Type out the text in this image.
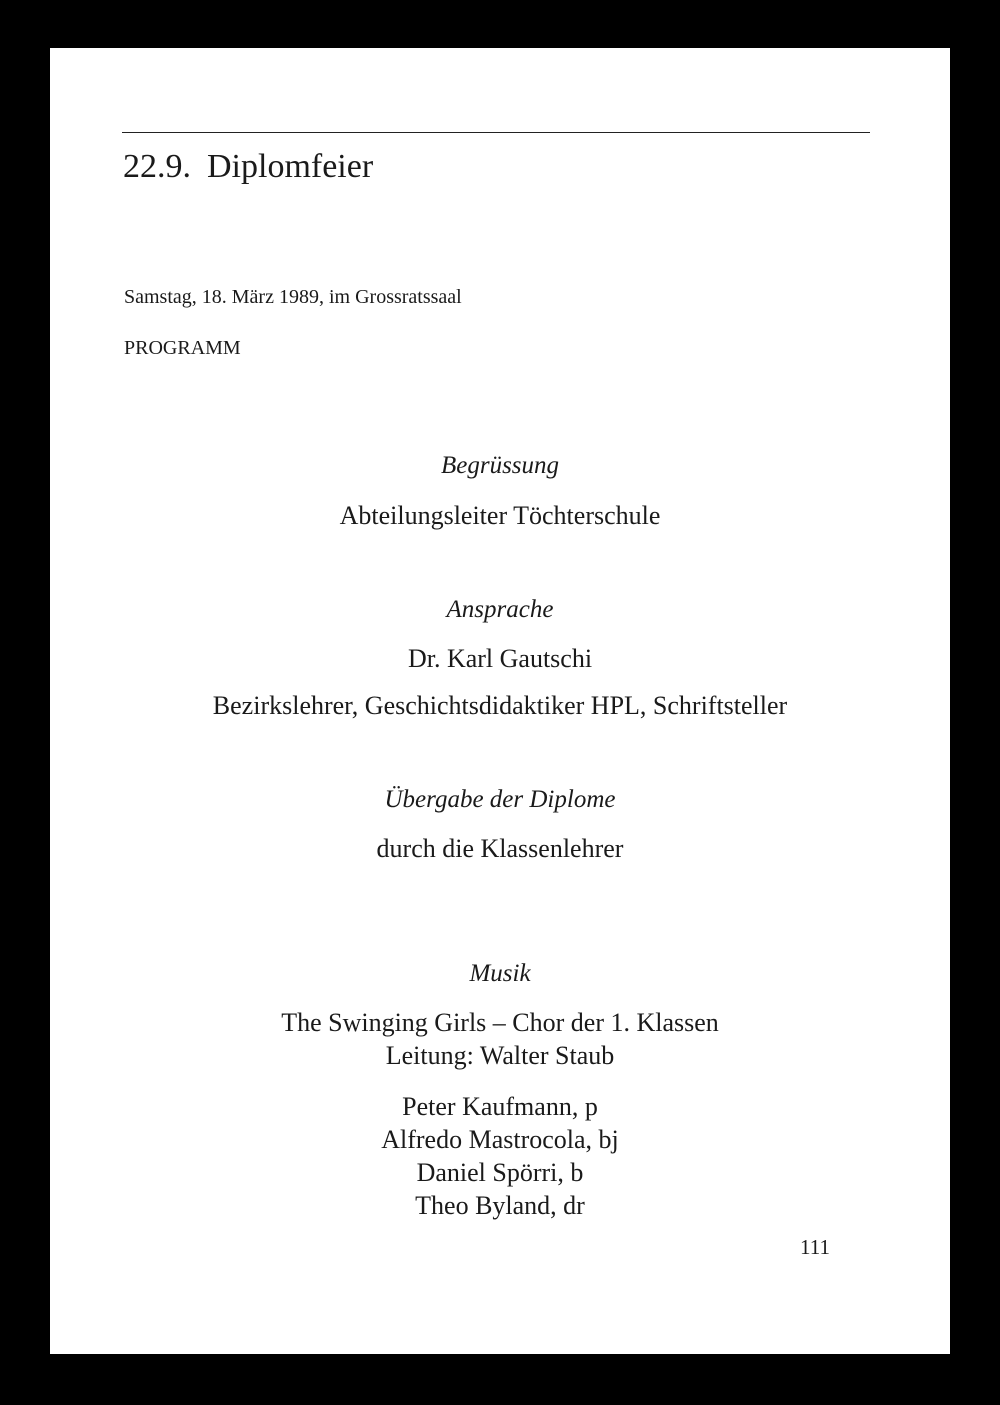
22.9. Diplomfeier
Samstag, 18. März 1989, im Grossratssaal
PROGRAMM
Begrüssung
Abteilungsleiter Töchterschule
Ansprache
Dr. Karl Gautschi
Bezirkslehrer, Geschichtsdidaktiker HPL, Schriftsteller
Übergabe der Diplome
durch die Klassenlehrer
Musik
The Swinging Girls – Chor der 1. Klassen
Leitung: Walter Staub
Peter Kaufmann, p
Alfredo Mastrocola, bj
Daniel Spörri, b
Theo Byland, dr
111
